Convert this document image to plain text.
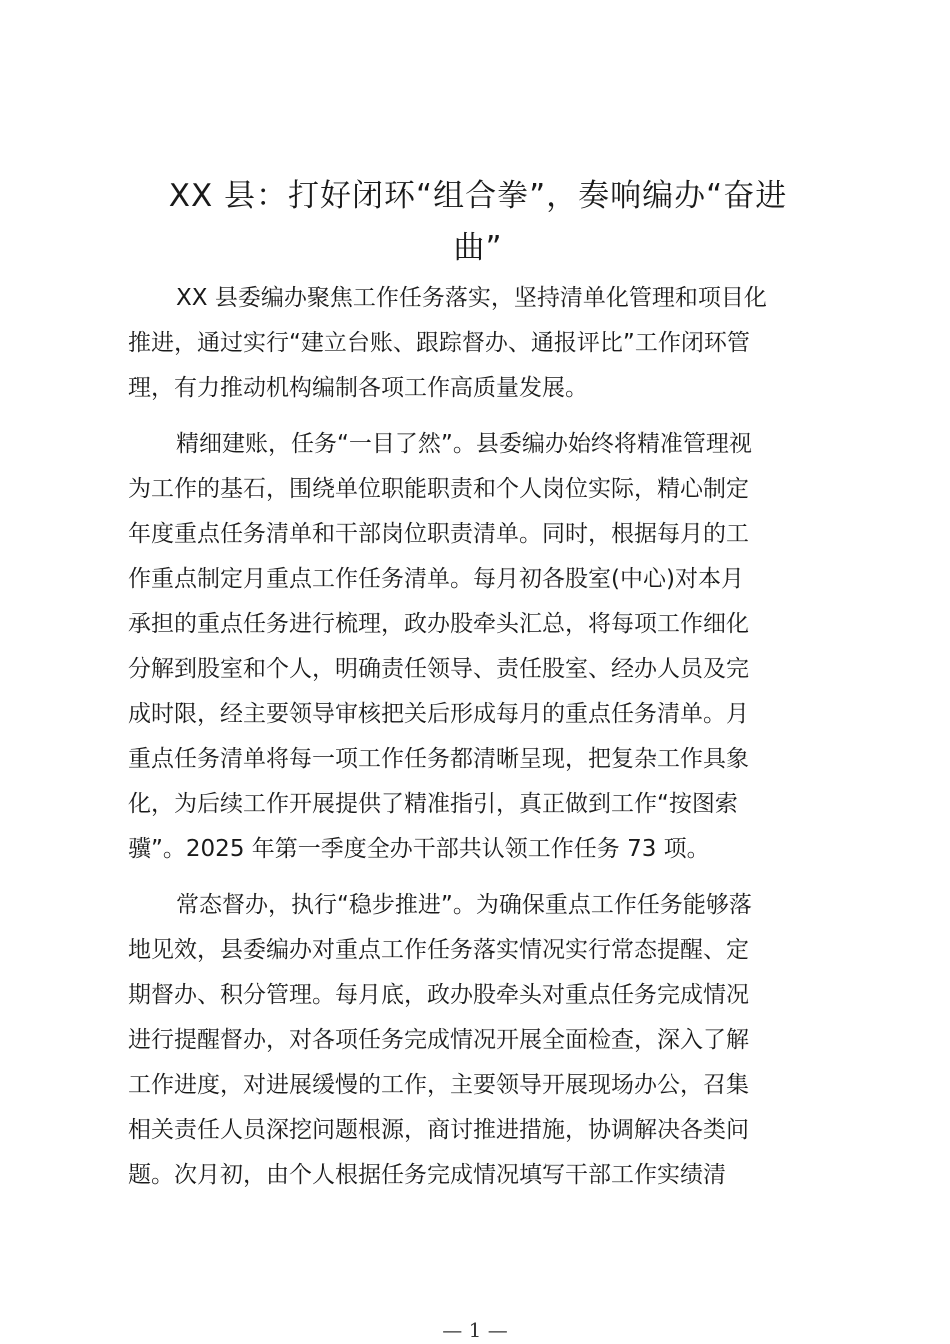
XX 县：打好闭环“组合拳”，奏响编办“奋进
曲”

XX 县委编办聚焦工作任务落实，坚持清单化管理和项目化
推进，通过实行“建立台账、跟踪督办、通报评比”工作闭环管
理，有力推动机构编制各项工作高质量发展。

精细建账，任务“一目了然”。县委编办始终将精准管理视
为工作的基石，围绕单位职能职责和个人岗位实际，精心制定
年度重点任务清单和干部岗位职责清单。同时，根据每月的工
作重点制定月重点工作任务清单。每月初各股室(中心)对本月
承担的重点任务进行梳理，政办股牵头汇总，将每项工作细化
分解到股室和个人，明确责任领导、责任股室、经办人员及完
成时限，经主要领导审核把关后形成每月的重点任务清单。月
重点任务清单将每一项工作任务都清晰呈现，把复杂工作具象
化，为后续工作开展提供了精准指引，真正做到工作“按图索
骥”。2025 年第一季度全办干部共认领工作任务 73 项。

常态督办，执行“稳步推进”。为确保重点工作任务能够落
地见效，县委编办对重点工作任务落实情况实行常态提醒、定
期督办、积分管理。每月底，政办股牵头对重点任务完成情况
进行提醒督办，对各项任务完成情况开展全面检查，深入了解
工作进度，对进展缓慢的工作，主要领导开展现场办公，召集
相关责任人员深挖问题根源，商讨推进措施，协调解决各类问
题。次月初，由个人根据任务完成情况填写干部工作实绩清

— 1 —
